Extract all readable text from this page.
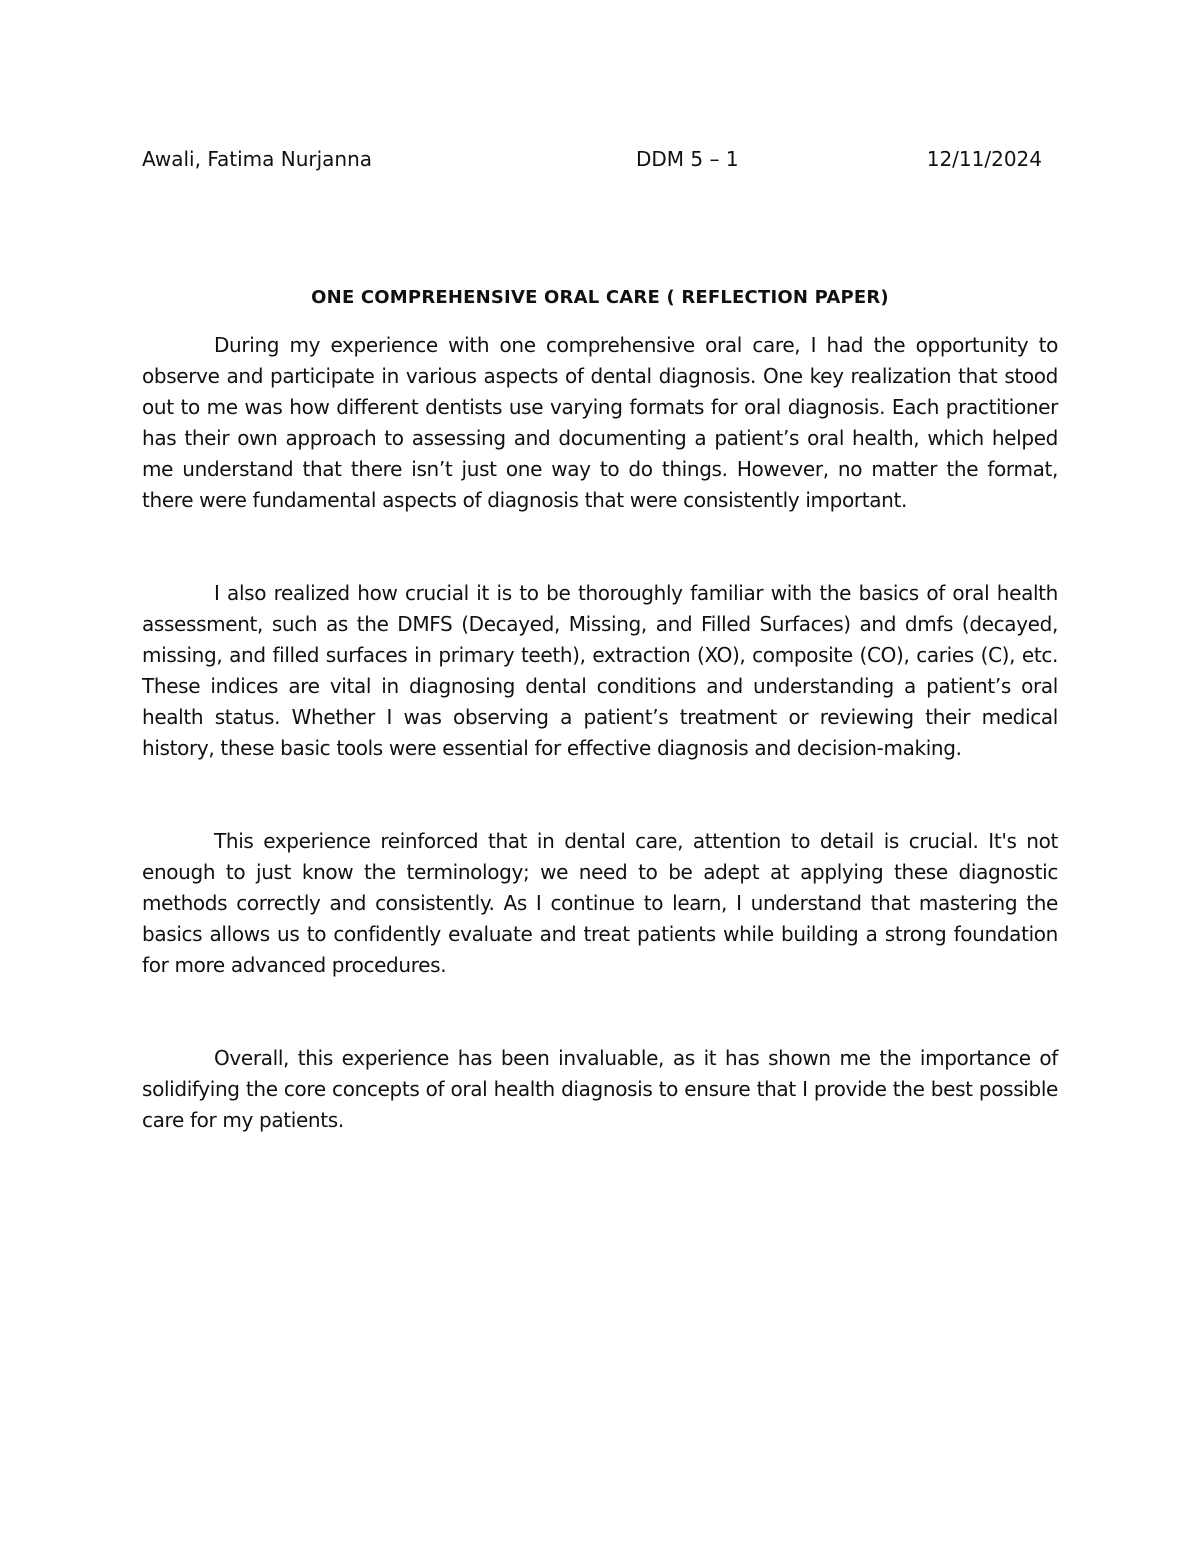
Awali, Fatima Nurjanna	DDM 5 – 1	12/11/2024
ONE COMPREHENSIVE ORAL CARE ( REFLECTION PAPER)

During my experience with one comprehensive oral care, I had the opportunity to observe and participate in various aspects of dental diagnosis. One key realization that stood out to me was how different dentists use varying formats for oral diagnosis. Each practitioner has their own approach to assessing and documenting a patient’s oral health, which helped me understand that there isn’t just one way to do things. However, no matter the format, there were fundamental aspects of diagnosis that were consistently important.

I also realized how crucial it is to be thoroughly familiar with the basics of oral health assessment, such as the DMFS (Decayed, Missing, and Filled Surfaces) and dmfs (decayed, missing, and filled surfaces in primary teeth), extraction (XO), composite (CO), caries (C), etc. These indices are vital in diagnosing dental conditions and understanding a patient’s oral health status. Whether I was observing a patient’s treatment or reviewing their medical history, these basic tools were essential for effective diagnosis and decision-making.

This experience reinforced that in dental care, attention to detail is crucial. It's not enough to just know the terminology; we need to be adept at applying these diagnostic methods correctly and consistently. As I continue to learn, I understand that mastering the basics allows us to confidently evaluate and treat patients while building a strong foundation for more advanced procedures.

Overall, this experience has been invaluable, as it has shown me the importance of solidifying the core concepts of oral health diagnosis to ensure that I provide the best possible care for my patients.
